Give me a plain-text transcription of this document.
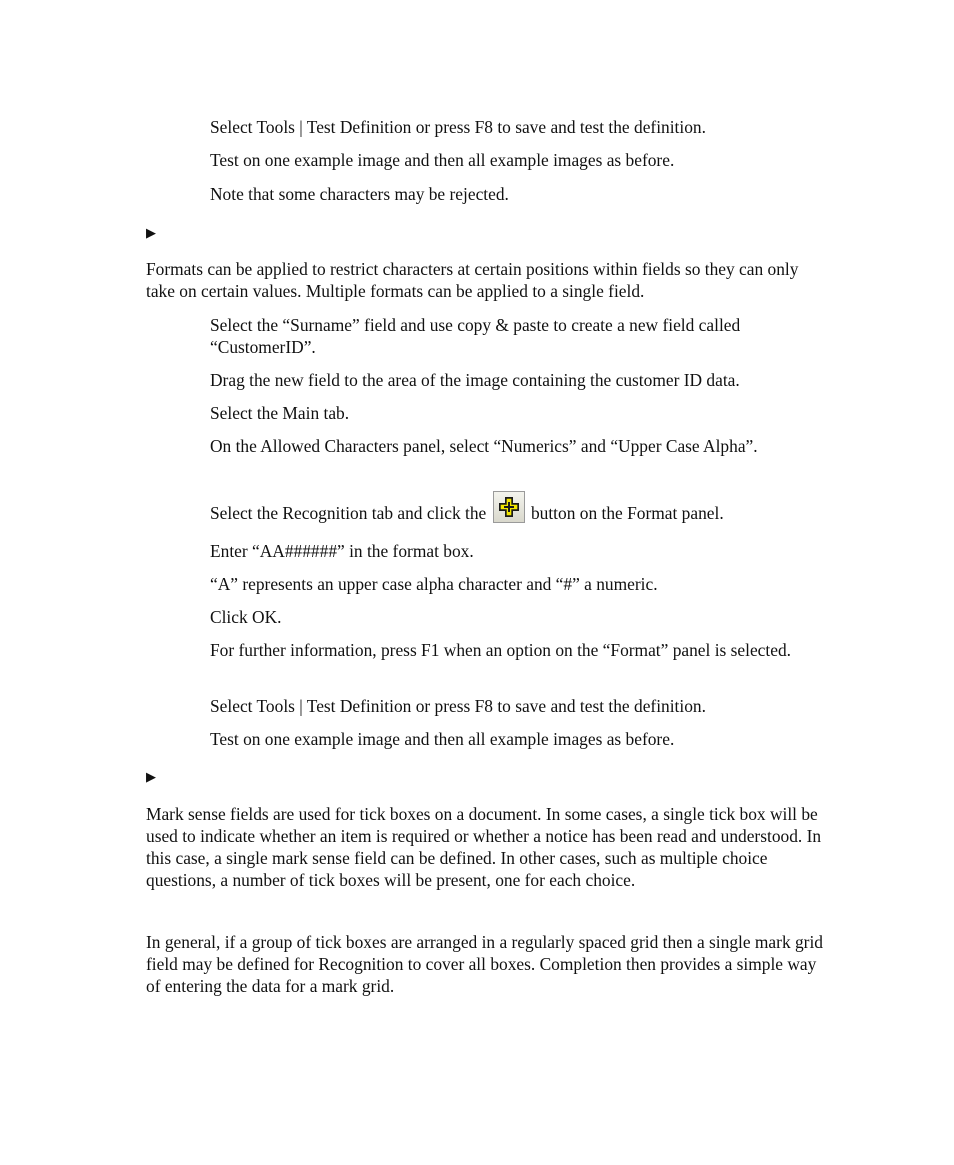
Select Tools | Test Definition or press F8 to save and test the definition.

Test on one example image and then all example images as before.

Note that some characters may be rejected.

▶

Formats can be applied to restrict characters at certain positions within fields so they can only take on certain values. Multiple formats can be applied to a single field.

Select the “Surname” field and use copy & paste to create a new field called “CustomerID”.

Drag the new field to the area of the image containing the customer ID data.

Select the Main tab.

On the Allowed Characters panel, select “Numerics” and “Upper Case Alpha”.

Select the Recognition tab and click the	button on the Format panel.

Enter “AA######” in the format box.

“A” represents an upper case alpha character and “#” a numeric.

Click OK.

For further information, press F1 when an option on the “Format” panel is selected.

Select Tools | Test Definition or press F8 to save and test the definition.

Test on one example image and then all example images as before.

▶

Mark sense fields are used for tick boxes on a document. In some cases, a single tick box will be used to indicate whether an item is required or whether a notice has been read and understood. In this case, a single mark sense field can be defined. In other cases, such as multiple choice questions, a number of tick boxes will be present, one for each choice.

In general, if a group of tick boxes are arranged in a regularly spaced grid then a single mark grid field may be defined for Recognition to cover all boxes. Completion then provides a simple way of entering the data for a mark grid.
